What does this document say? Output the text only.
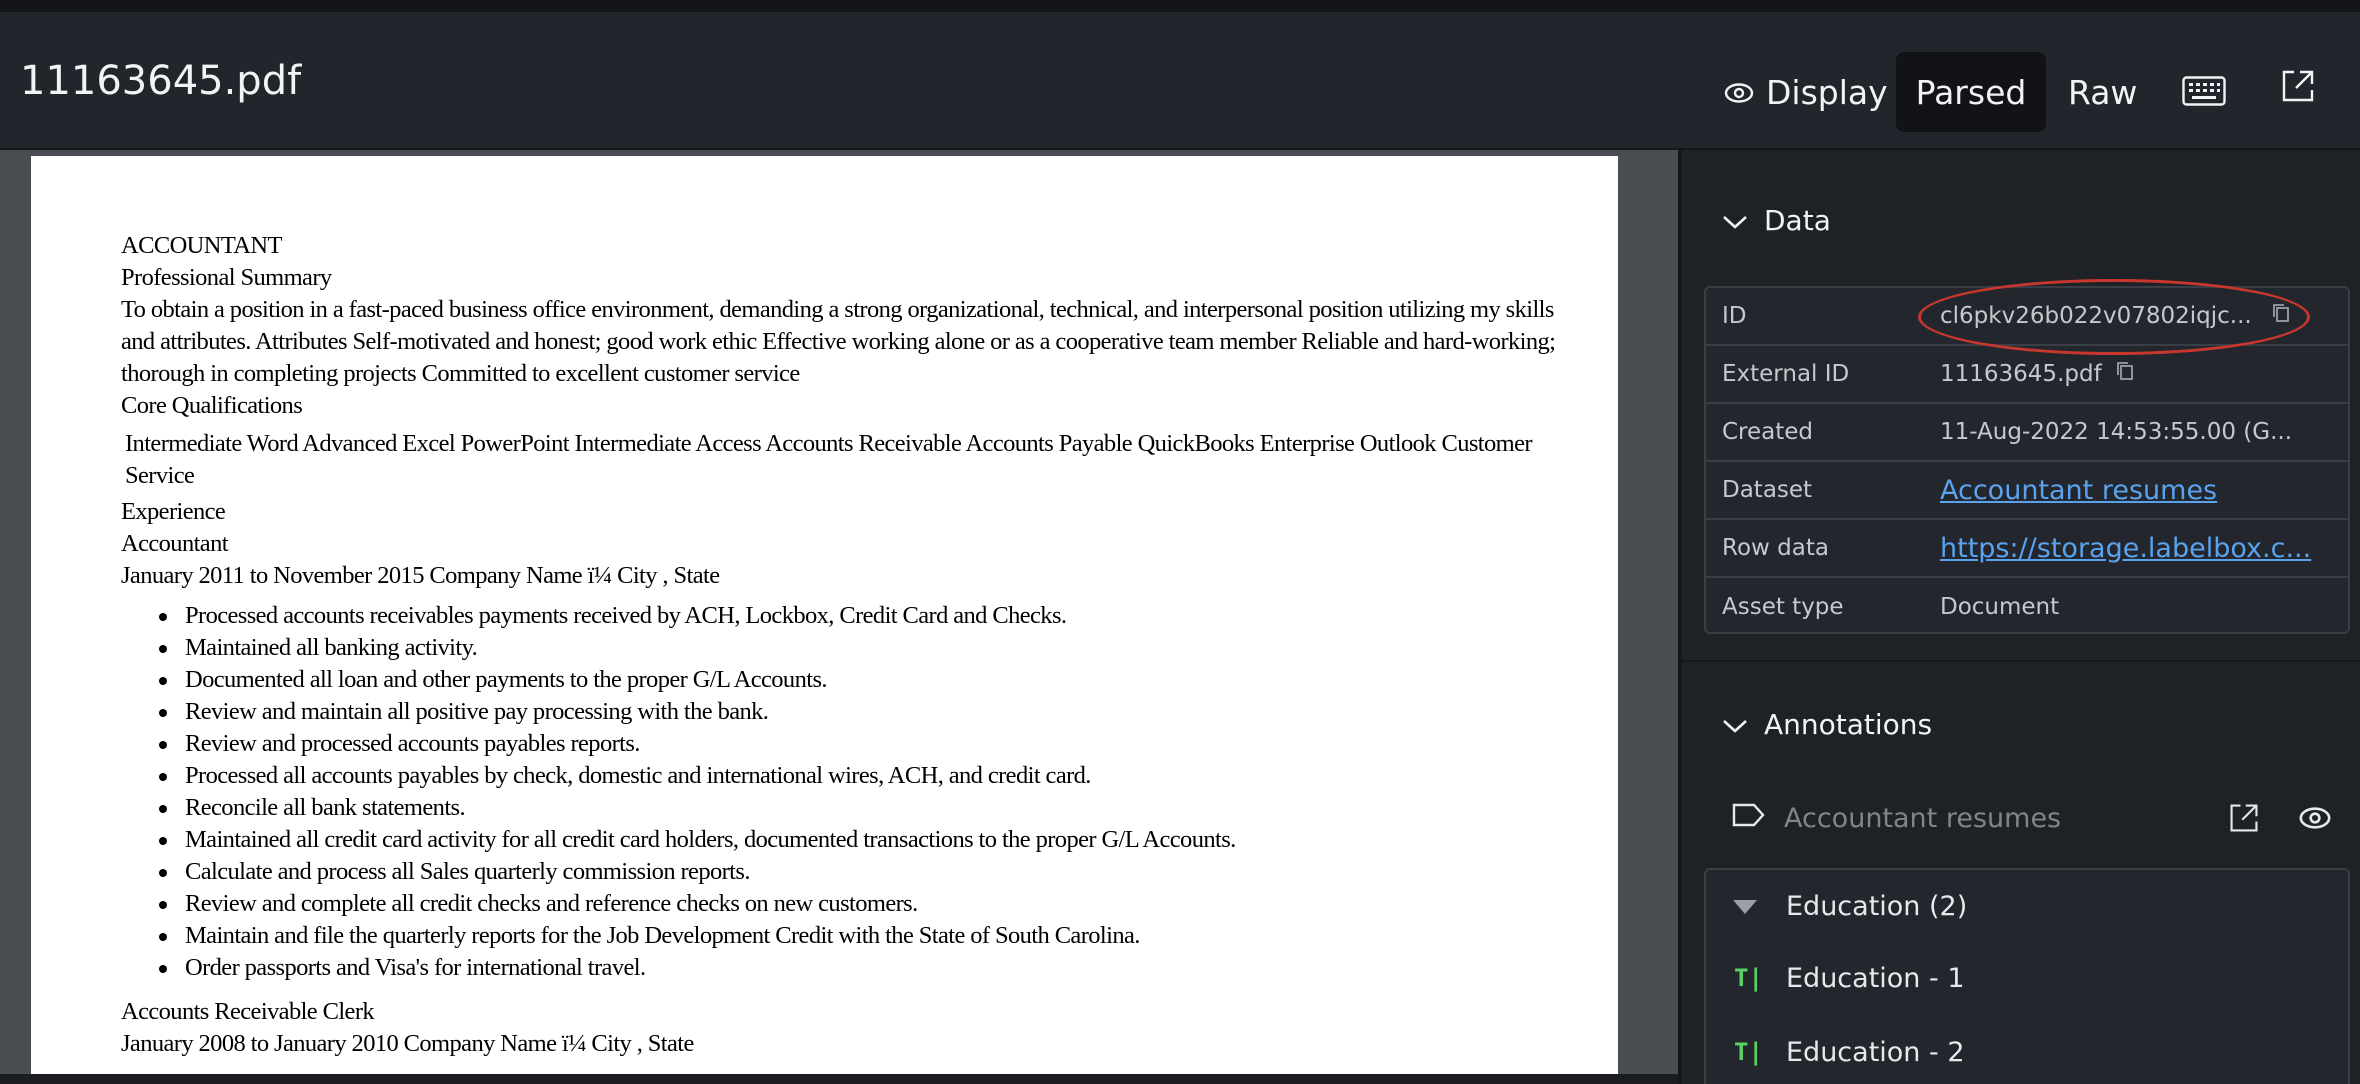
11163645.pdf	Display Parsed Raw
ACCOUNTANT
Professional Summary
To obtain a position in a fast-paced business office environment, demanding a strong organizational, technical, and interpersonal position utilizing my skills and attributes. Attributes Self-motivated and honest; good work ethic Effective working alone or as a cooperative team member Reliable and hard-working; thorough in completing projects Committed to excellent customer service
Core Qualifications
Intermediate Word Advanced Excel PowerPoint Intermediate Access Accounts Receivable Accounts Payable QuickBooks Enterprise Outlook Customer Service
Experience
Accountant
January 2011 to November 2015 Company Name ï¼ City , State
Processed accounts receivables payments received by ACH, Lockbox, Credit Card and Checks.
Maintained all banking activity.
Documented all loan and other payments to the proper G/L Accounts.
Review and maintain all positive pay processing with the bank.
Review and processed accounts payables reports.
Processed all accounts payables by check, domestic and international wires, ACH, and credit card.
Reconcile all bank statements.
Maintained all credit card activity for all credit card holders, documented transactions to the proper G/L Accounts.
Calculate and process all Sales quarterly commission reports.
Review and complete all credit checks and reference checks on new customers.
Maintain and file the quarterly reports for the Job Development Credit with the State of South Carolina.
Order passports and Visa's for international travel.
Accounts Receivable Clerk
January 2008 to January 2010 Company Name ï¼ City , State
Data
ID	cl6pkv26b022v07802iqjc...
External ID	11163645.pdf
Created	11-Aug-2022 14:53:55.00 (G...
Dataset	Accountant resumes
Row data	https://storage.labelbox.c...
Asset type	Document
Annotations
Accountant resumes
Education (2)
T| Education - 1
T| Education - 2
